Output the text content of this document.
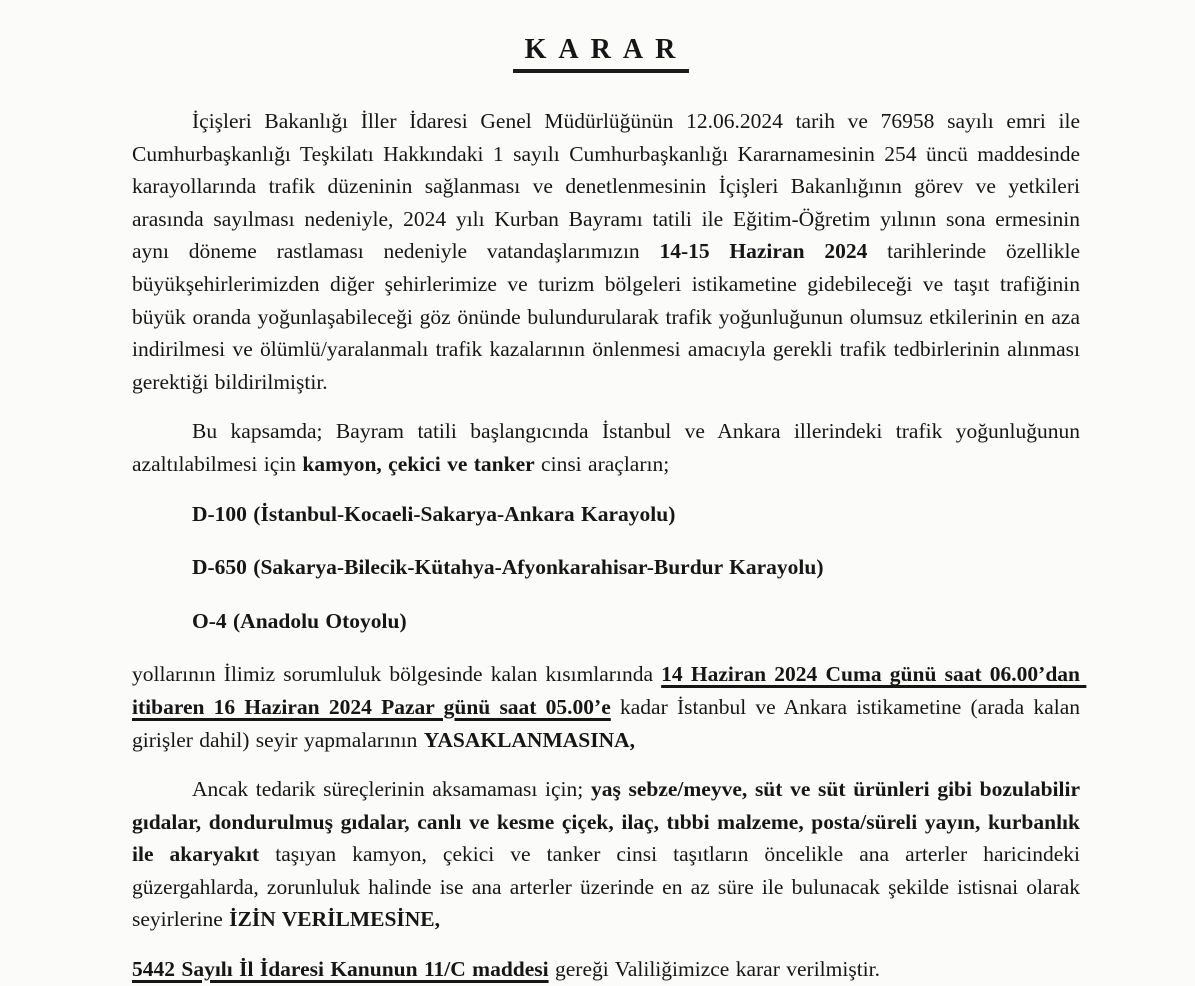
KARAR

İçişleri Bakanlığı İller İdaresi Genel Müdürlüğünün 12.06.2024 tarih ve 76958 sayılı emri ile Cumhurbaşkanlığı Teşkilatı Hakkındaki 1 sayılı Cumhurbaşkanlığı Kararnamesinin 254 üncü maddesinde karayollarında trafik düzeninin sağlanması ve denetlenmesinin İçişleri Bakanlığının görev ve yetkileri arasında sayılması nedeniyle, 2024 yılı Kurban Bayramı tatili ile Eğitim-Öğretim yılının sona ermesinin aynı döneme rastlaması nedeniyle vatandaşlarımızın 14-15 Haziran 2024 tarihlerinde özellikle büyükşehirlerimizden diğer şehirlerimize ve turizm bölgeleri istikametine gidebileceği ve taşıt trafiğinin büyük oranda yoğunlaşabileceği göz önünde bulundurularak trafik yoğunluğunun olumsuz etkilerinin en aza indirilmesi ve ölümlü/yaralanmalı trafik kazalarının önlenmesi amacıyla gerekli trafik tedbirlerinin alınması gerektiği bildirilmiştir.

Bu kapsamda; Bayram tatili başlangıcında İstanbul ve Ankara illerindeki trafik yoğunluğunun azaltılabilmesi için kamyon, çekici ve tanker cinsi araçların;

D-100 (İstanbul-Kocaeli-Sakarya-Ankara Karayolu)

D-650 (Sakarya-Bilecik-Kütahya-Afyonkarahisar-Burdur Karayolu)

O-4 (Anadolu Otoyolu)

yollarının İlimiz sorumluluk bölgesinde kalan kısımlarında 14 Haziran 2024 Cuma günü saat 06.00’dan itibaren 16 Haziran 2024 Pazar günü saat 05.00’e kadar İstanbul ve Ankara istikametine (arada kalan girişler dahil) seyir yapmalarının YASAKLANMASINA,

Ancak tedarik süreçlerinin aksamaması için; yaş sebze/meyve, süt ve süt ürünleri gibi bozulabilir gıdalar, dondurulmuş gıdalar, canlı ve kesme çiçek, ilaç, tıbbi malzeme, posta/süreli yayın, kurbanlık ile akaryakıt taşıyan kamyon, çekici ve tanker cinsi taşıtların öncelikle ana arterler haricindeki güzergahlarda, zorunluluk halinde ise ana arterler üzerinde en az süre ile bulunacak şekilde istisnai olarak seyirlerine İZİN VERİLMESİNE,

5442 Sayılı İl İdaresi Kanunun 11/C maddesi gereği Valiliğimizce karar verilmiştir.
